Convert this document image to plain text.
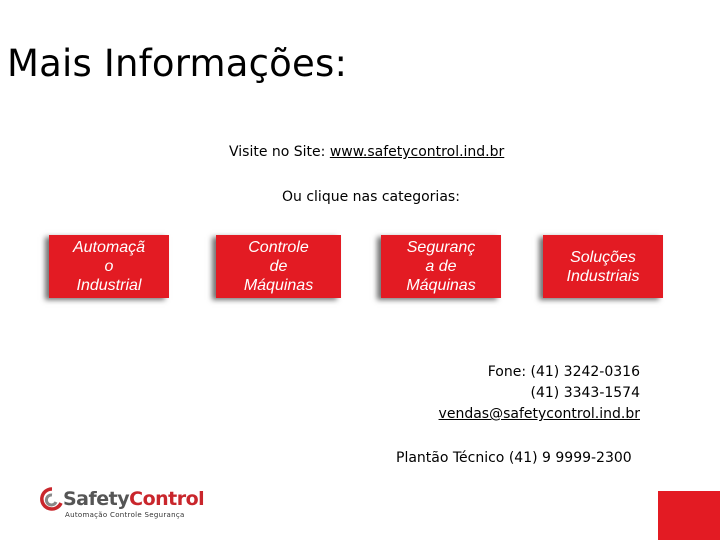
Mais Informações:
Visite no Site: www.safetycontrol.ind.br
Ou clique nas categorias:
Automaçã
o
Industrial
Controle
de
Máquinas
Seguranç
a de
Máquinas
Soluções
Industriais
Fone: (41) 3242-0316
(41) 3343-1574
vendas@safetycontrol.ind.br
Plantão Técnico (41) 9 9999-2300
SafetyControl
Automação Controle Segurança
